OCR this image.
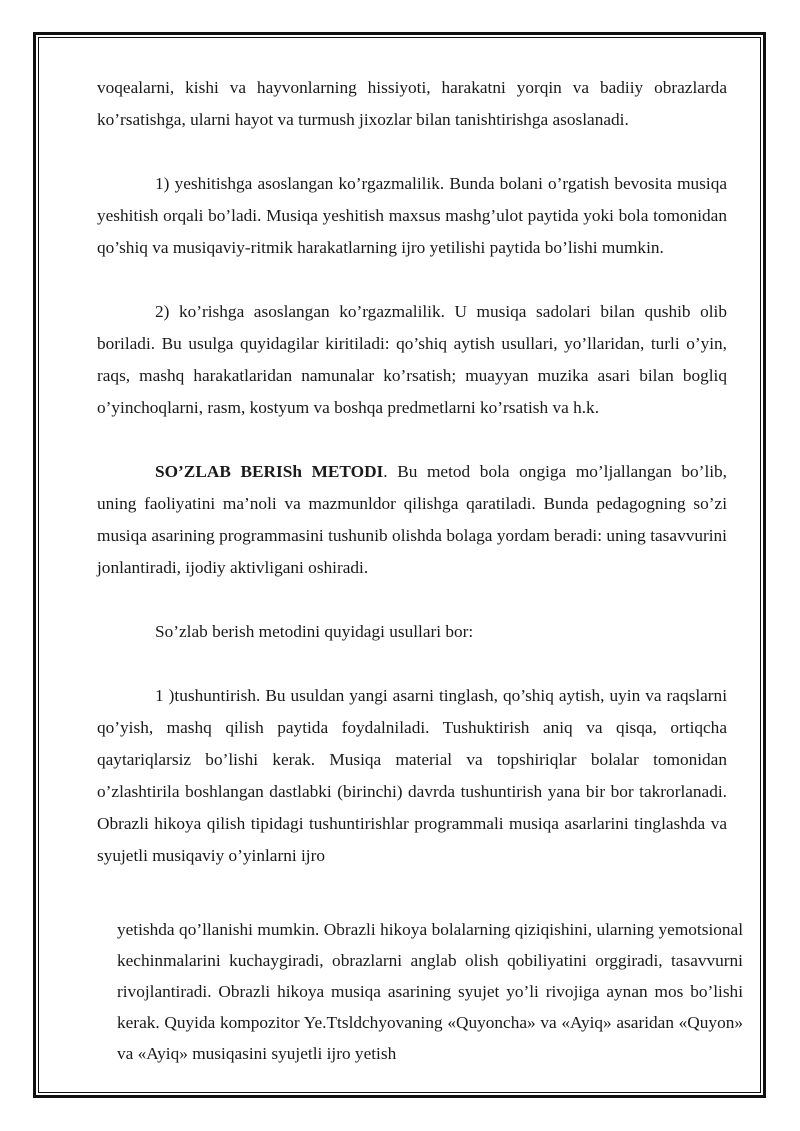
voqealarni, kishi va hayvonlarning hissiyoti, harakatni yorqin va badiiy obrazlarda ko’rsatishga, ularni hayot va turmush jixozlar bilan tanishtirishga asoslanadi.

1) yeshitishga asoslangan ko’rgazmalilik. Bunda bolani o’rgatish bevosita musiqa yeshitish orqali bo’ladi. Musiqa yeshitish maxsus mashg’ulot paytida yoki bola tomonidan qo’shiq va musiqaviy-ritmik harakatlarning ijro yetilishi paytida bo’lishi mumkin.

2) ko’rishga asoslangan ko’rgazmalilik. U musiqa sadolari bilan qushib olib boriladi. Bu usulga quyidagilar kiritiladi: qo’shiq aytish usullari, yo’llaridan, turli o’yin, raqs, mashq harakatlaridan namunalar ko’rsatish; muayyan muzika asari bilan bogliq o’yinchoqlarni, rasm, kostyum va boshqa predmetlarni ko’rsatish va h.k.

SO’ZLAB BERISh METODI. Bu metod bola ongiga mo’ljallangan bo’lib, uning faoliyatini ma’noli va mazmunldor qilishga qaratiladi. Bunda pedagogning so’zi musiqa asarining programmasini tushunib olishda bolaga yordam beradi: uning tasavvurini jonlantiradi, ijodiy aktivligani oshiradi.

So’zlab berish metodini quyidagi usullari bor:

1 )tushuntirish. Bu usuldan yangi asarni tinglash, qo’shiq aytish, uyin va raqslarni qo’yish, mashq qilish paytida foydalniladi. Tushuktirish aniq va qisqa, ortiqcha qaytariqlarsiz bo’lishi kerak. Musiqa material va topshiriqlar bolalar tomonidan o’zlashtirila boshlangan dastlabki (birinchi) davrda tushuntirish yana bir bor takrorlanadi. Obrazli hikoya qilish tipidagi tushuntirishlar programmali musiqa asarlarini tinglashda va syujetli musiqaviy o’yinlarni ijro

yetishda qo’llanishi mumkin. Obrazli hikoya bolalarning qiziqishini, ularning yemotsional kechinmalarini kuchaygiradi, obrazlarni anglab olish qobiliyatini orggiradi, tasavvurni rivojlantiradi. Obrazli hikoya musiqa asarining syujet yo’li rivojiga aynan mos bo’lishi kerak. Quyida kompozitor Ye.Ttsldchyovaning «Quyoncha» va «Ayiq» asaridan «Quyon» va «Ayiq» musiqasini syujetli ijro yetish
